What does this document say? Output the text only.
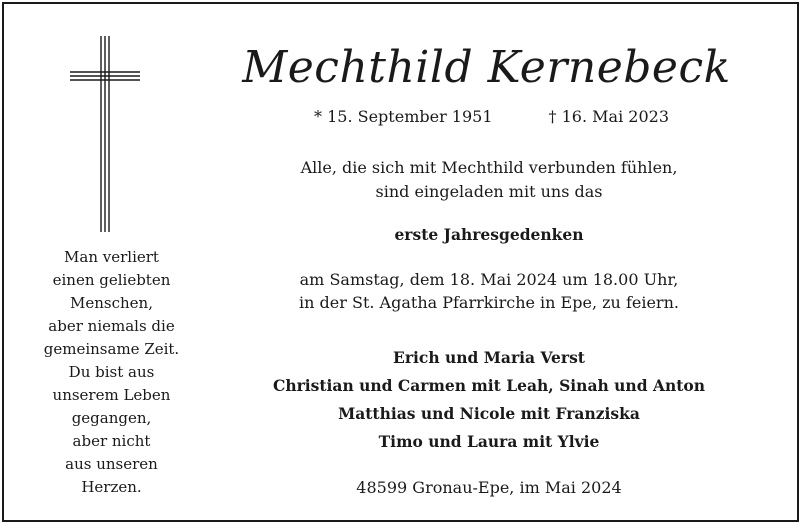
Mechthild Kernebeck
* 15. September 1951	† 16. Mai 2023
Alle, die sich mit Mechthild verbunden fühlen,
sind eingeladen mit uns das
erste Jahresgedenken
am Samstag, dem 18. Mai 2024 um 18.00 Uhr,
in der St. Agatha Pfarrkirche in Epe, zu feiern.
Erich und Maria Verst
Christian und Carmen mit Leah, Sinah und Anton
Matthias und Nicole mit Franziska
Timo und Laura mit Ylvie
48599 Gronau-Epe, im Mai 2024
Man verliert
einen geliebten
Menschen,
aber niemals die
gemeinsame Zeit.
Du bist aus
unserem Leben
gegangen,
aber nicht
aus unseren
Herzen.
